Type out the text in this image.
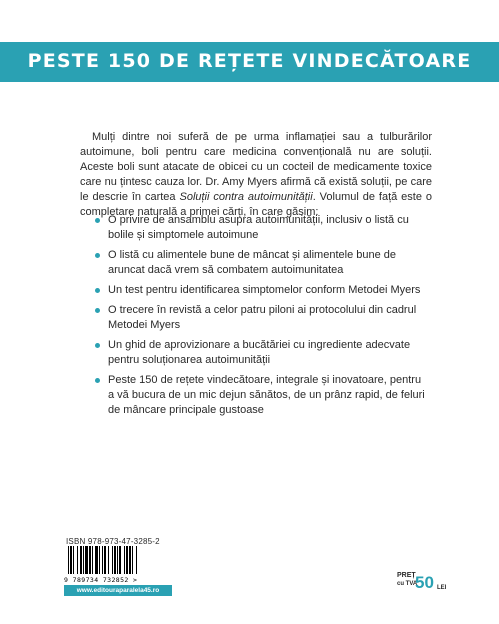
PESTE 150 DE REȚETE VINDECĂTOARE

Mulți dintre noi suferă de pe urma inflamației sau a tulburărilor autoimune, boli pentru care medicina convențională nu are soluții. Aceste boli sunt atacate de obicei cu un cocteil de medicamente toxice care nu țintesc cauza lor. Dr. Amy Myers afirmă că există soluții, pe care le descrie în cartea Soluții contra autoimunității. Volumul de față este o completare naturală a primei cărți, în care găsim:

O privire de ansamblu asupra autoimunității, inclusiv o listă cu bolile și simptomele autoimune
O listă cu alimentele bune de mâncat și alimentele bune de aruncat dacă vrem să combatem autoimunitatea
Un test pentru identificarea simptomelor conform Metodei Myers
O trecere în revistă a celor patru piloni ai protocolului din cadrul Metodei Myers
Un ghid de aprovizionare a bucătăriei cu ingrediente adecvate pentru soluționarea autoimunității
Peste 150 de rețete vindecătoare, integrale și inovatoare, pentru a vă bucura de un mic dejun sănătos, de un prânz rapid, de feluri de mâncare principale gustoase
ISBN 978-973-47-3285-2
9 789734 732852 >
www.editouraparalela45.ro
PREȚ
cu TVA
50 LEI
